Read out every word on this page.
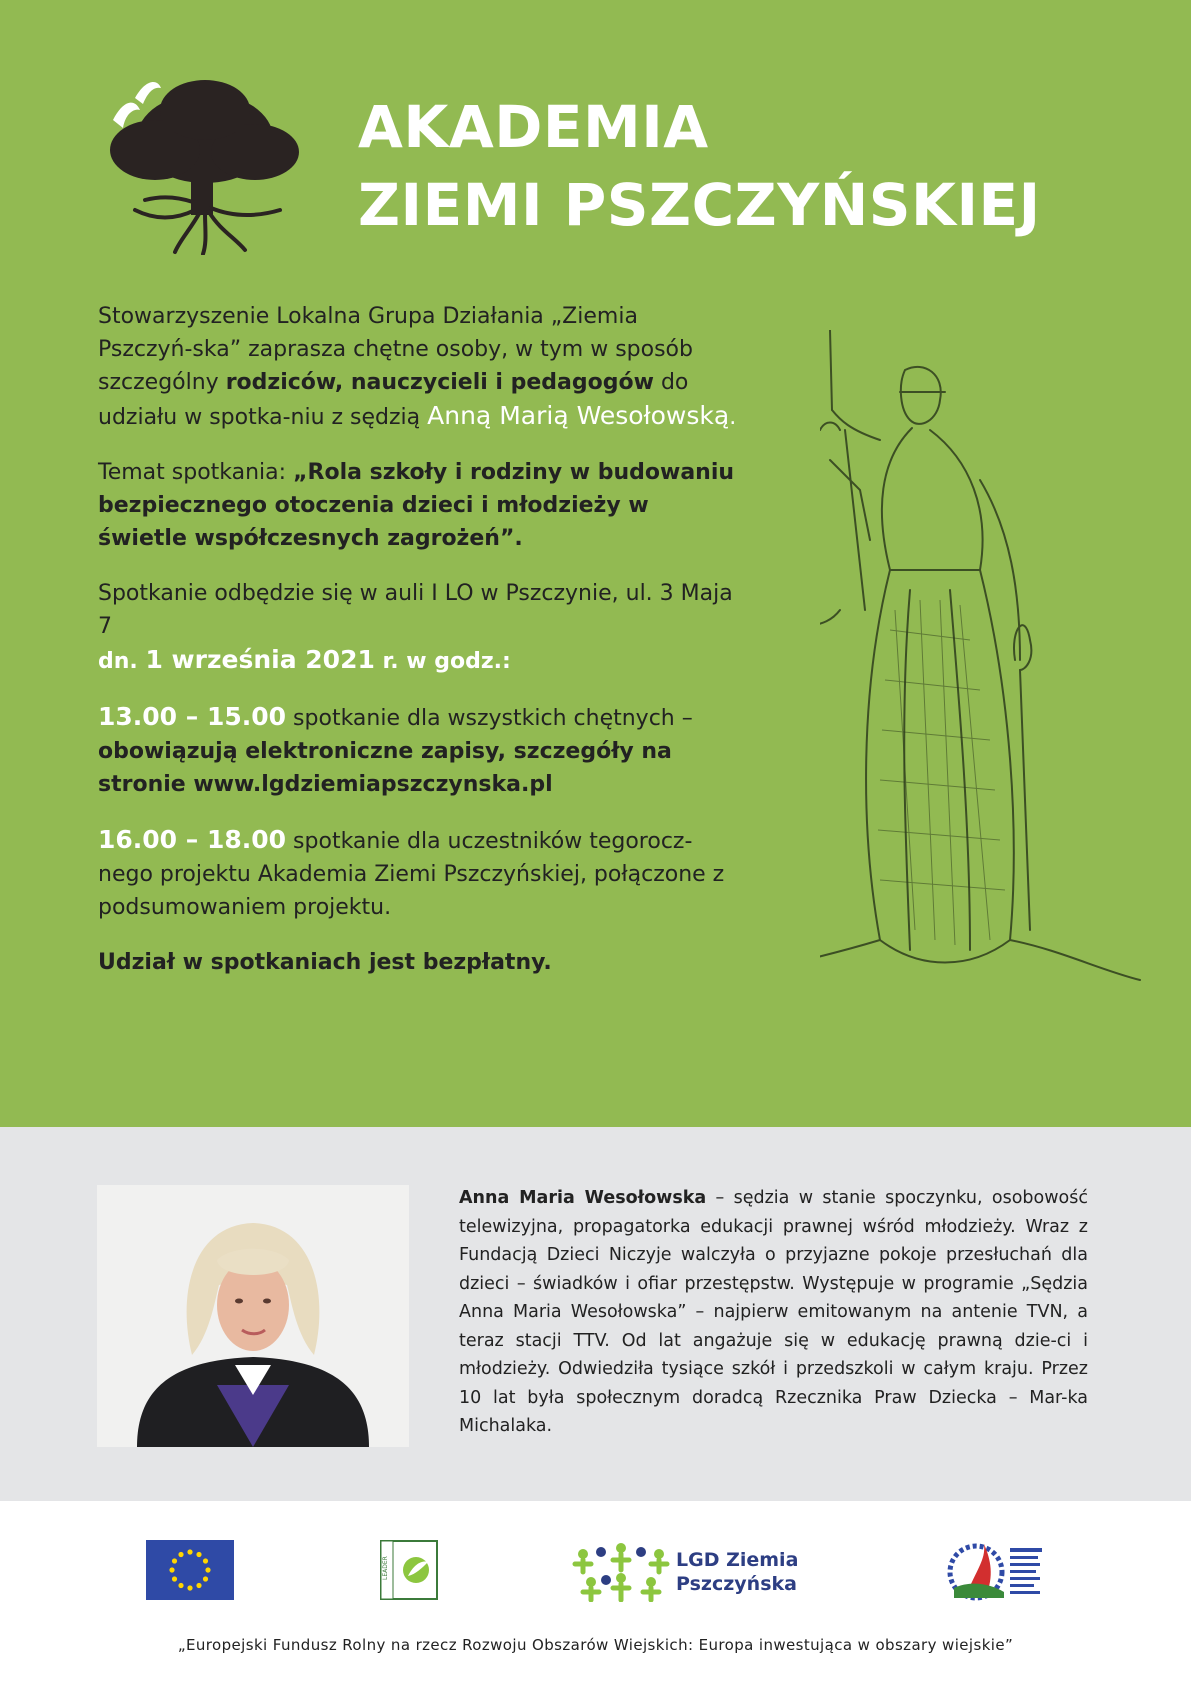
AKADEMIA
ZIEMI PSZCZYŃSKIEJ

Stowarzyszenie Lokalna Grupa Działania „Ziemia Pszczyń-ska” zaprasza chętne osoby, w tym w sposób szczególny rodziców, nauczycieli i pedagogów do udziału w spotka-niu z sędzią Anną Marią Wesołowską.

Temat spotkania: „Rola szkoły i rodziny w budowaniu bezpiecznego otoczenia dzieci i młodzieży w świetle współczesnych zagrożeń”.

Spotkanie odbędzie się w auli I LO w Pszczynie, ul. 3 Maja 7
dn. 1 września 2021 r. w godz.:

13.00 – 15.00 spotkanie dla wszystkich chętnych – obowiązują elektroniczne zapisy, szczegóły na stronie www.lgdziemiapszczynska.pl

16.00 – 18.00 spotkanie dla uczestników tegorocz-nego projektu Akademia Ziemi Pszczyńskiej, połączone z podsumowaniem projektu.

Udział w spotkaniach jest bezpłatny.

Anna Maria Wesołowska – sędzia w stanie spoczynku, osobowość telewizyjna, propagatorka edukacji prawnej wśród młodzieży. Wraz z Fundacją Dzieci Niczyje walczyła o przyjazne pokoje przesłuchań dla dzieci – świadków i ofiar przestępstw. Występuje w programie „Sędzia Anna Maria Wesołowska” – najpierw emitowanym na antenie TVN, a teraz stacji TTV. Od lat angażuje się w edukację prawną dzie-ci i młodzieży. Odwiedziła tysiące szkół i przedszkoli w całym kraju. Przez 10 lat była społecznym doradcą Rzecznika Praw Dziecka – Mar-ka Michalaka.
LEADER	LGD Ziemia
Pszczyńska
„Europejski Fundusz Rolny na rzecz Rozwoju Obszarów Wiejskich: Europa inwestująca w obszary wiejskie”
